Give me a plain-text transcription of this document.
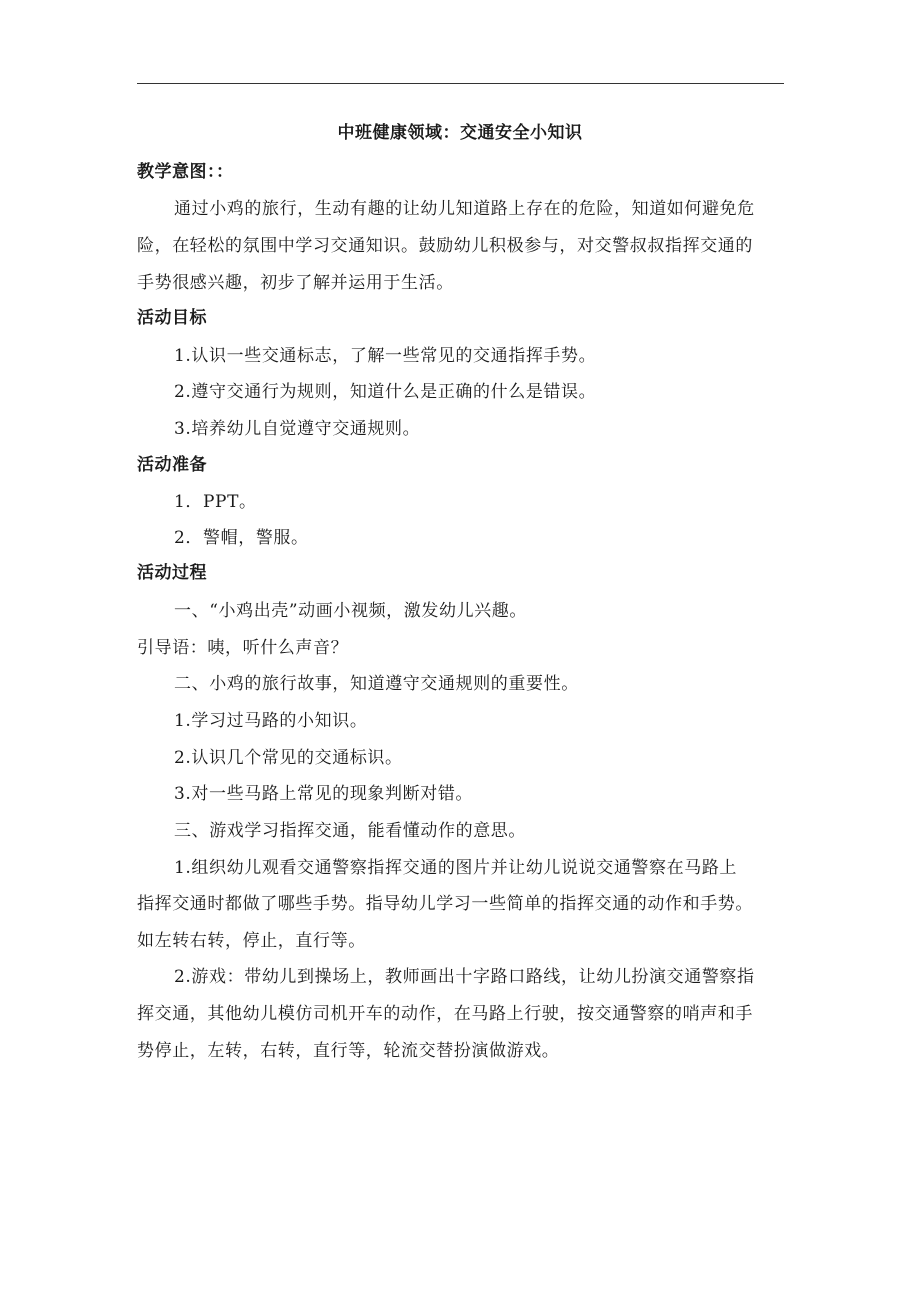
中班健康领域：交通安全小知识
教学意图：：
通过小鸡的旅行，生动有趣的让幼儿知道路上存在的危险，知道如何避免危
险，在轻松的氛围中学习交通知识。鼓励幼儿积极参与，对交警叔叔指挥交通的
手势很感兴趣，初步了解并运用于生活。
活动目标
1.认识一些交通标志，了解一些常见的交通指挥手势。
2.遵守交通行为规则，知道什么是正确的什么是错误。
3.培养幼儿自觉遵守交通规则。
活动准备
1．PPT。
2．警帽，警服。
活动过程
一、“小鸡出壳”动画小视频，激发幼儿兴趣。
引导语：咦，听什么声音？
二、小鸡的旅行故事，知道遵守交通规则的重要性。
1.学习过马路的小知识。
2.认识几个常见的交通标识。
3.对一些马路上常见的现象判断对错。
三、游戏学习指挥交通，能看懂动作的意思。
1.组织幼儿观看交通警察指挥交通的图片并让幼儿说说交通警察在马路上
指挥交通时都做了哪些手势。指导幼儿学习一些简单的指挥交通的动作和手势。
如左转右转，停止，直行等。
2.游戏：带幼儿到操场上，教师画出十字路口路线，让幼儿扮演交通警察指
挥交通，其他幼儿模仿司机开车的动作，在马路上行驶，按交通警察的哨声和手
势停止，左转，右转，直行等，轮流交替扮演做游戏。
